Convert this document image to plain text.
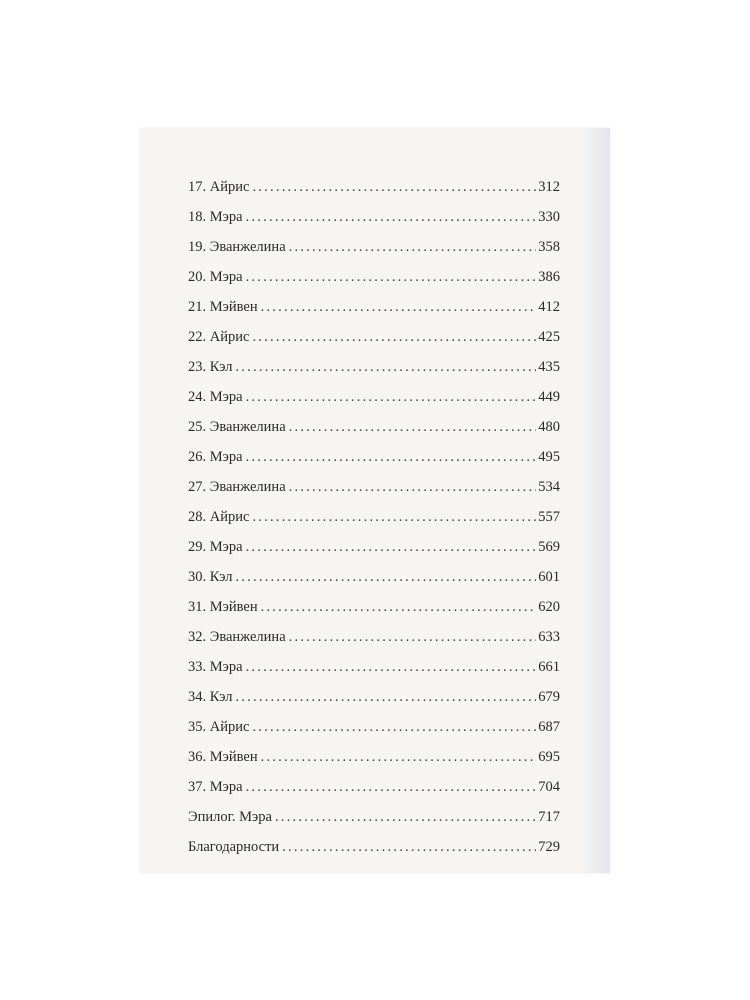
17. Айрис . . .	312
18. Мэра . . .	330
19. Эванжелина . . .	358
20. Мэра . . .	386
21. Мэйвен . . .	412
22. Айрис . . .	425
23. Кэл . . .	435
24. Мэра . . .	449
25. Эванжелина . . .	480
26. Мэра . . .	495
27. Эванжелина . . .	534
28. Айрис . . .	557
29. Мэра . . .	569
30. Кэл . . .	601
31. Мэйвен . . .	620
32. Эванжелина . . .	633
33. Мэра . . .	661
34. Кэл . . .	679
35. Айрис . . .	687
36. Мэйвен . . .	695
37. Мэра . . .	704
Эпилог. Мэра . . .	717
Благодарности . . .	729
